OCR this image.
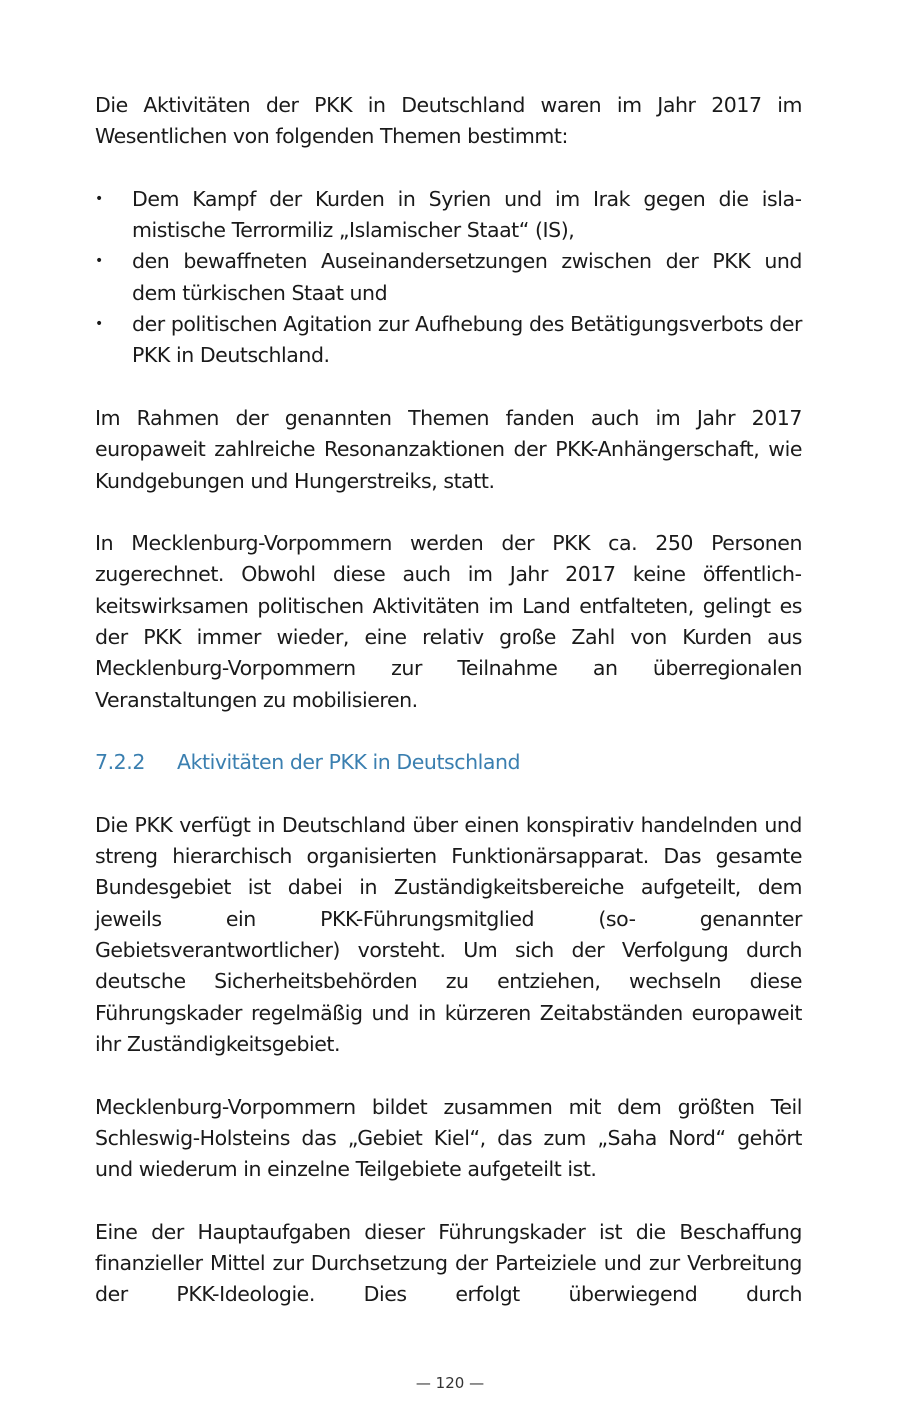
Die Aktivitäten der PKK in Deutschland waren im Jahr 2017 im Wesentlichen von folgenden Themen bestimmt:

• Dem Kampf der Kurden in Syrien und im Irak gegen die islamistische Terrormiliz „Islamischer Staat“ (IS),
• den bewaffneten Auseinandersetzungen zwischen der PKK und dem türkischen Staat und
• der politischen Agitation zur Aufhebung des Betätigungsverbots der PKK in Deutschland.

Im Rahmen der genannten Themen fanden auch im Jahr 2017 europaweit zahlreiche Resonanzaktionen der PKK-Anhängerschaft, wie Kundgebungen und Hungerstreiks, statt.

In Mecklenburg-Vorpommern werden der PKK ca. 250 Personen zugerechnet. Obwohl diese auch im Jahr 2017 keine öffentlichkeitswirksamen politischen Aktivitäten im Land entfalteten, gelingt es der PKK immer wieder, eine relativ große Zahl von Kurden aus Mecklenburg-Vorpommern zur Teilnahme an überregionalen Veranstaltungen zu mobilisieren.

7.2.2	Aktivitäten der PKK in Deutschland

Die PKK verfügt in Deutschland über einen konspirativ handelnden und streng hierarchisch organisierten Funktionärsapparat. Das gesamte Bundesgebiet ist dabei in Zuständigkeitsbereiche aufgeteilt, dem jeweils ein PKK-Führungsmitglied (so- genannter Gebietsverantwortlicher) vorsteht. Um sich der Verfolgung durch deutsche Sicherheitsbehörden zu entziehen, wechseln diese Führungskader regelmäßig und in kürzeren Zeitabständen europaweit ihr Zuständigkeitsgebiet.

Mecklenburg-Vorpommern bildet zusammen mit dem größten Teil Schleswig-Holsteins das „Gebiet Kiel“, das zum „Saha Nord“ gehört und wiederum in einzelne Teilgebiete aufgeteilt ist.

Eine der Hauptaufgaben dieser Führungskader ist die Beschaffung finanzieller Mittel zur Durchsetzung der Parteiziele und zur Verbreitung der PKK-Ideologie. Dies erfolgt überwiegend durch

— 120 —
